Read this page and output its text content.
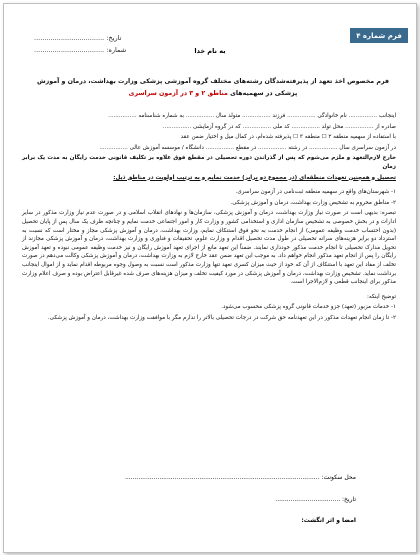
فرم شماره ۴
تاریخ: ..................................
شماره: ..................................	به نام خدا
فرم مخصوص اخذ تعهد از پذیرفته‌شدگان رشته‌های مختلف گروه آموزشی پزشکی وزارت بهداشت، درمان و آموزش پزشکی در سهمیه‌های مناطق ۲ و ۳ در آزمون سراسری

اینجانب ................ نام خانوادگی ................ فرزند ................ متولد سال ................ به شماره شناسنامه ................

صادره از ................ محل تولد ................ کد ملی ................ که در گروه آزمایشی ................

با استفاده از سهمیه منطقه ۲ ☐ منطقه ۳ ☐ پذیرفته شده‌ام، در کمال میل و اختیار ضمن عقد

در آزمون سراسری سال ................ در رشته ................ در مقطع ................ دانشگاه / موسسه آموزش عالی ................

خارج لازم‌التعهد و ملزم می‌شوم که پس از گذراندن دوره تحصیلی در مقطع فوق علاوه بر تکلیف قانونی خدمت رایگان به مدت یک برابر زمان

تحصیل و همچنین تعهدات منطقه‌ای (در مجموع دو برابر) خدمت نمایم و به ترتیب اولویت در مناطق ذیل:

۱- شهرستان‌های واقع در سهمیه منطقه ثبت‌نامی در آزمون سراسری.

۲- مناطق محروم به تشخیص وزارت بهداشت، درمان و آموزش پزشکی.

تبصره: بدیهی است در صورت نیاز وزارت بهداشت، درمان و آموزش پزشکی، سازمان‌ها و نهادهای انقلاب اسلامی و در صورت عدم نیاز وزارت مذکور در سایر ادارات و در بخش خصوصی به تشخیص سازمان اداری و استخدامی کشور و وزارت کار و امور اجتماعی خدمت نمایم و چنانچه ظرف یک سال پس از پایان تحصیل (بدون احتساب خدمت وظیفه عمومی) از انجام خدمت به نحو فوق استنکاف نمایم، وزارت بهداشت، درمان و آموزش پزشکی مجاز و مختار است که نسبت به استرداد دو برابر هزینه‌های سرانه تحصیلی در طول مدت تحصیل اقدام و وزارت علوم، تحقیقات و فناوری و وزارت بهداشت، درمان و آموزش پزشکی مجازند از تحویل مدارک تحصیلی تا انجام خدمت مذکور خودداری نمایند. ضمناً این تعهد مانع از اجرای تعهد آموزش رایگان و نیز خدمت وظیفه عمومی نبوده و تعهد آموزش رایگان را پس از انجام تعهد مذکور انجام خواهم داد. به موجب این تعهد ضمن عقد خارج لازم به وزارت بهداشت، درمان و آموزش پزشکی وکالت می‌دهم در صورت تخلف از مفاد این تعهد با استنکاف از آن که خود از حیث میزان کسری تعهد تنها وزارت مذکور است نسبت به وصول وجوه مربوطه اقدام نماید و از اموال اینجانب برداشت نماید. تشخیص وزارت بهداشت، درمان و آموزش پزشکی در مورد کیفیت تخلف و میزان هزینه‌های صرف شده غیرقابل اعتراض بوده و صرف اعلام وزارت مذکور برای اینجانب قطعی و لازم‌الاجرا است.

توضیح اینکه:

۱- خدمات مزبور (تعهد) جزو خدمات قانونی گروه پزشکی محسوب می‌شود.

۲- تا زمان انجام تعهدات مذکور در این تعهدنامه حق شرکت در درجات تحصیلی بالاتر را ندارم مگر با موافقت وزارت بهداشت، درمان و آموزش پزشکی.

محل سکونت: ......................................................................................................
تاریخ: ..................................
امضا و اثر انگشت:
